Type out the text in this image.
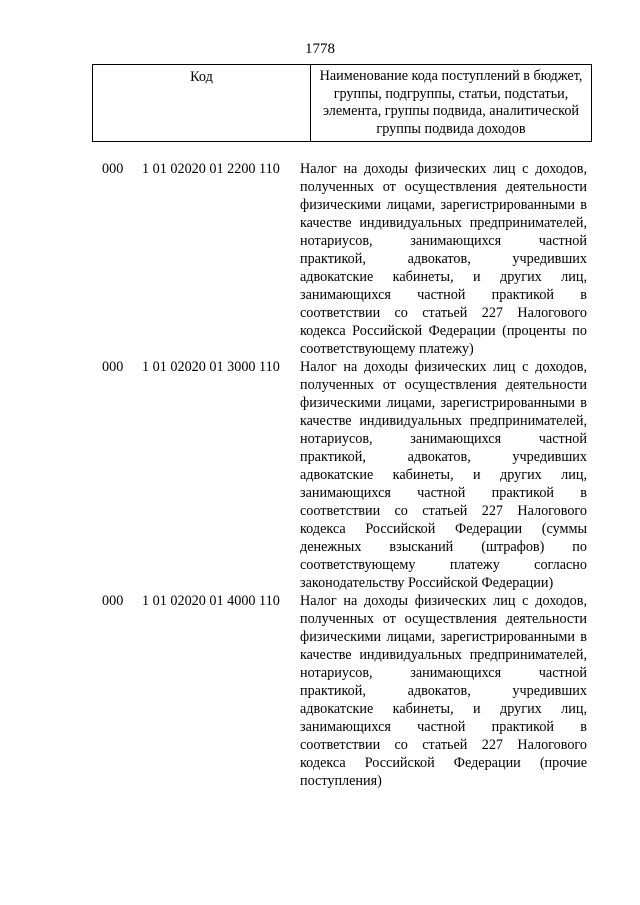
1778
Код	Наименование кода поступлений в бюджет, группы, подгруппы, статьи, подстатьи, элемента, группы подвида, аналитической группы подвида доходов
000 1 01 02020 01 2200 110 Налог на доходы физических лиц с доходов, полученных от осуществления деятельности физическими лицами, зарегистрированными в качестве индивидуальных предпринимателей, нотариусов, занимающихся частной практикой, адвокатов, учредивших адвокатские кабинеты, и других лиц, занимающихся частной практикой в соответствии со статьей 227 Налогового кодекса Российской Федерации (проценты по соответствующему платежу)
000 1 01 02020 01 3000 110 Налог на доходы физических лиц с доходов, полученных от осуществления деятельности физическими лицами, зарегистрированными в качестве индивидуальных предпринимателей, нотариусов, занимающихся частной практикой, адвокатов, учредивших адвокатские кабинеты, и других лиц, занимающихся частной практикой в соответствии со статьей 227 Налогового кодекса Российской Федерации (суммы денежных взысканий (штрафов) по соответствующему платежу согласно законодательству Российской Федерации)
000 1 01 02020 01 4000 110 Налог на доходы физических лиц с доходов, полученных от осуществления деятельности физическими лицами, зарегистрированными в качестве индивидуальных предпринимателей, нотариусов, занимающихся частной практикой, адвокатов, учредивших адвокатские кабинеты, и других лиц, занимающихся частной практикой в соответствии со статьей 227 Налогового кодекса Российской Федерации (прочие поступления)
